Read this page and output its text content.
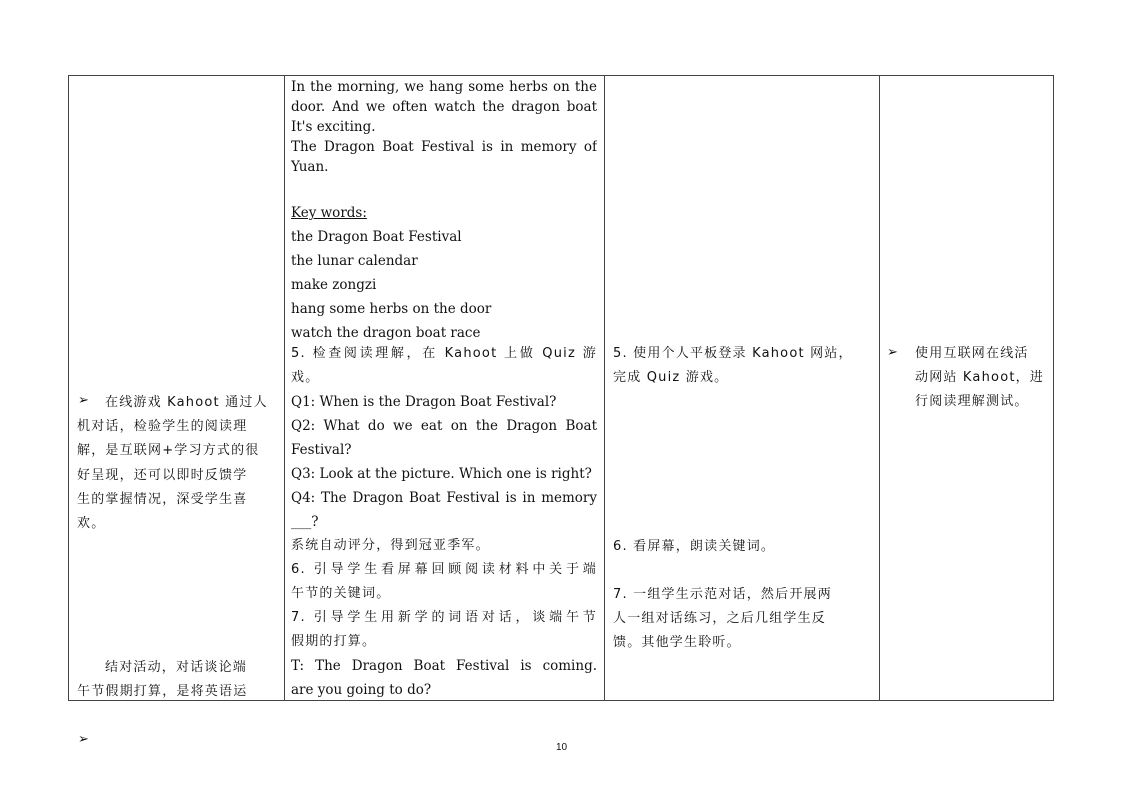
➢	在线游戏 Kahoot 通过人
机对话，检验学生的阅读理
解，是互联网+学习方式的很
好呈现，还可以即时反馈学
生的掌握情况，深受学生喜
欢。
➢
结对活动，对话谈论端
午节假期打算，是将英语运
In the morning, we hang some herbs on the
door. And we often watch the dragon boat
It's exciting.
The Dragon Boat Festival is in memory of
Yuan.
Key words:
the Dragon Boat Festival
the lunar calendar
make zongzi
hang some herbs on the door
watch the dragon boat race
5. 检查阅读理解，在 Kahoot 上做 Quiz 游
戏。
Q1: When is the Dragon Boat Festival?
Q2: What do we eat on the Dragon Boat
Festival?
Q3: Look at the picture. Which one is right?
Q4: The Dragon Boat Festival is in memory
___?
系统自动评分，得到冠亚季军。
6. 引导学生看屏幕回顾阅读材料中关于端
午节的关键词。
7. 引导学生用新学的词语对话，谈端午节
假期的打算。
T: The Dragon Boat Festival is coming.
are you going to do?
5. 使用个人平板登录 Kahoot 网站，
完成 Quiz 游戏。
6. 看屏幕，朗读关键词。
7. 一组学生示范对话，然后开展两
人一组对话练习，之后几组学生反
馈。其他学生聆听。
➢ 使用互联网在线活
动网站 Kahoot，进
行阅读理解测试。
10
